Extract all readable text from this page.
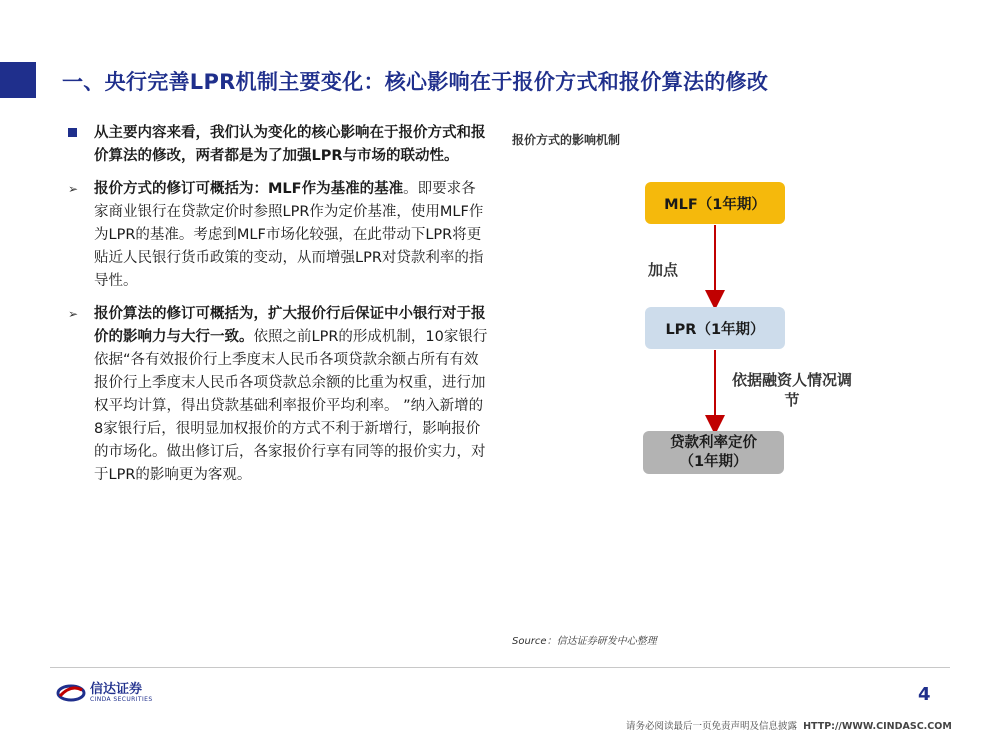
一、央行完善LPR机制主要变化：核心影响在于报价方式和报价算法的修改
从主要内容来看，我们认为变化的核心影响在于报价方式和报价算法的修改，两者都是为了加强LPR与市场的联动性。
➢ 报价方式的修订可概括为：MLF作为基准的基准。即要求各家商业银行在贷款定价时参照LPR作为定价基准，使用MLF作为LPR的基准。考虑到MLF市场化较强，在此带动下LPR将更贴近人民银行货币政策的变动，从而增强LPR对贷款利率的指导性。
➢ 报价算法的修订可概括为，扩大报价行后保证中小银行对于报价的影响力与大行一致。依照之前LPR的形成机制，10家银行依据“各有效报价行上季度末人民币各项贷款余额占所有有效报价行上季度末人民币各项贷款总余额的比重为权重，进行加权平均计算，得出贷款基础利率报价平均利率。 ”纳入新增的8家银行后，很明显加权报价的方式不利于新增行，影响报价的市场化。做出修订后，各家报价行享有同等的报价实力，对于LPR的影响更为客观。
报价方式的影响机制
MLF（1年期）
加点
LPR（1年期）
依据融资人情况调节
贷款利率定价
（1年期）
Source：信达证券研发中心整理
信达证券
CINDA SECURITIES	4
请务必阅读最后一页免责声明及信息披露 HTTP://WWW.CINDASC.COM
